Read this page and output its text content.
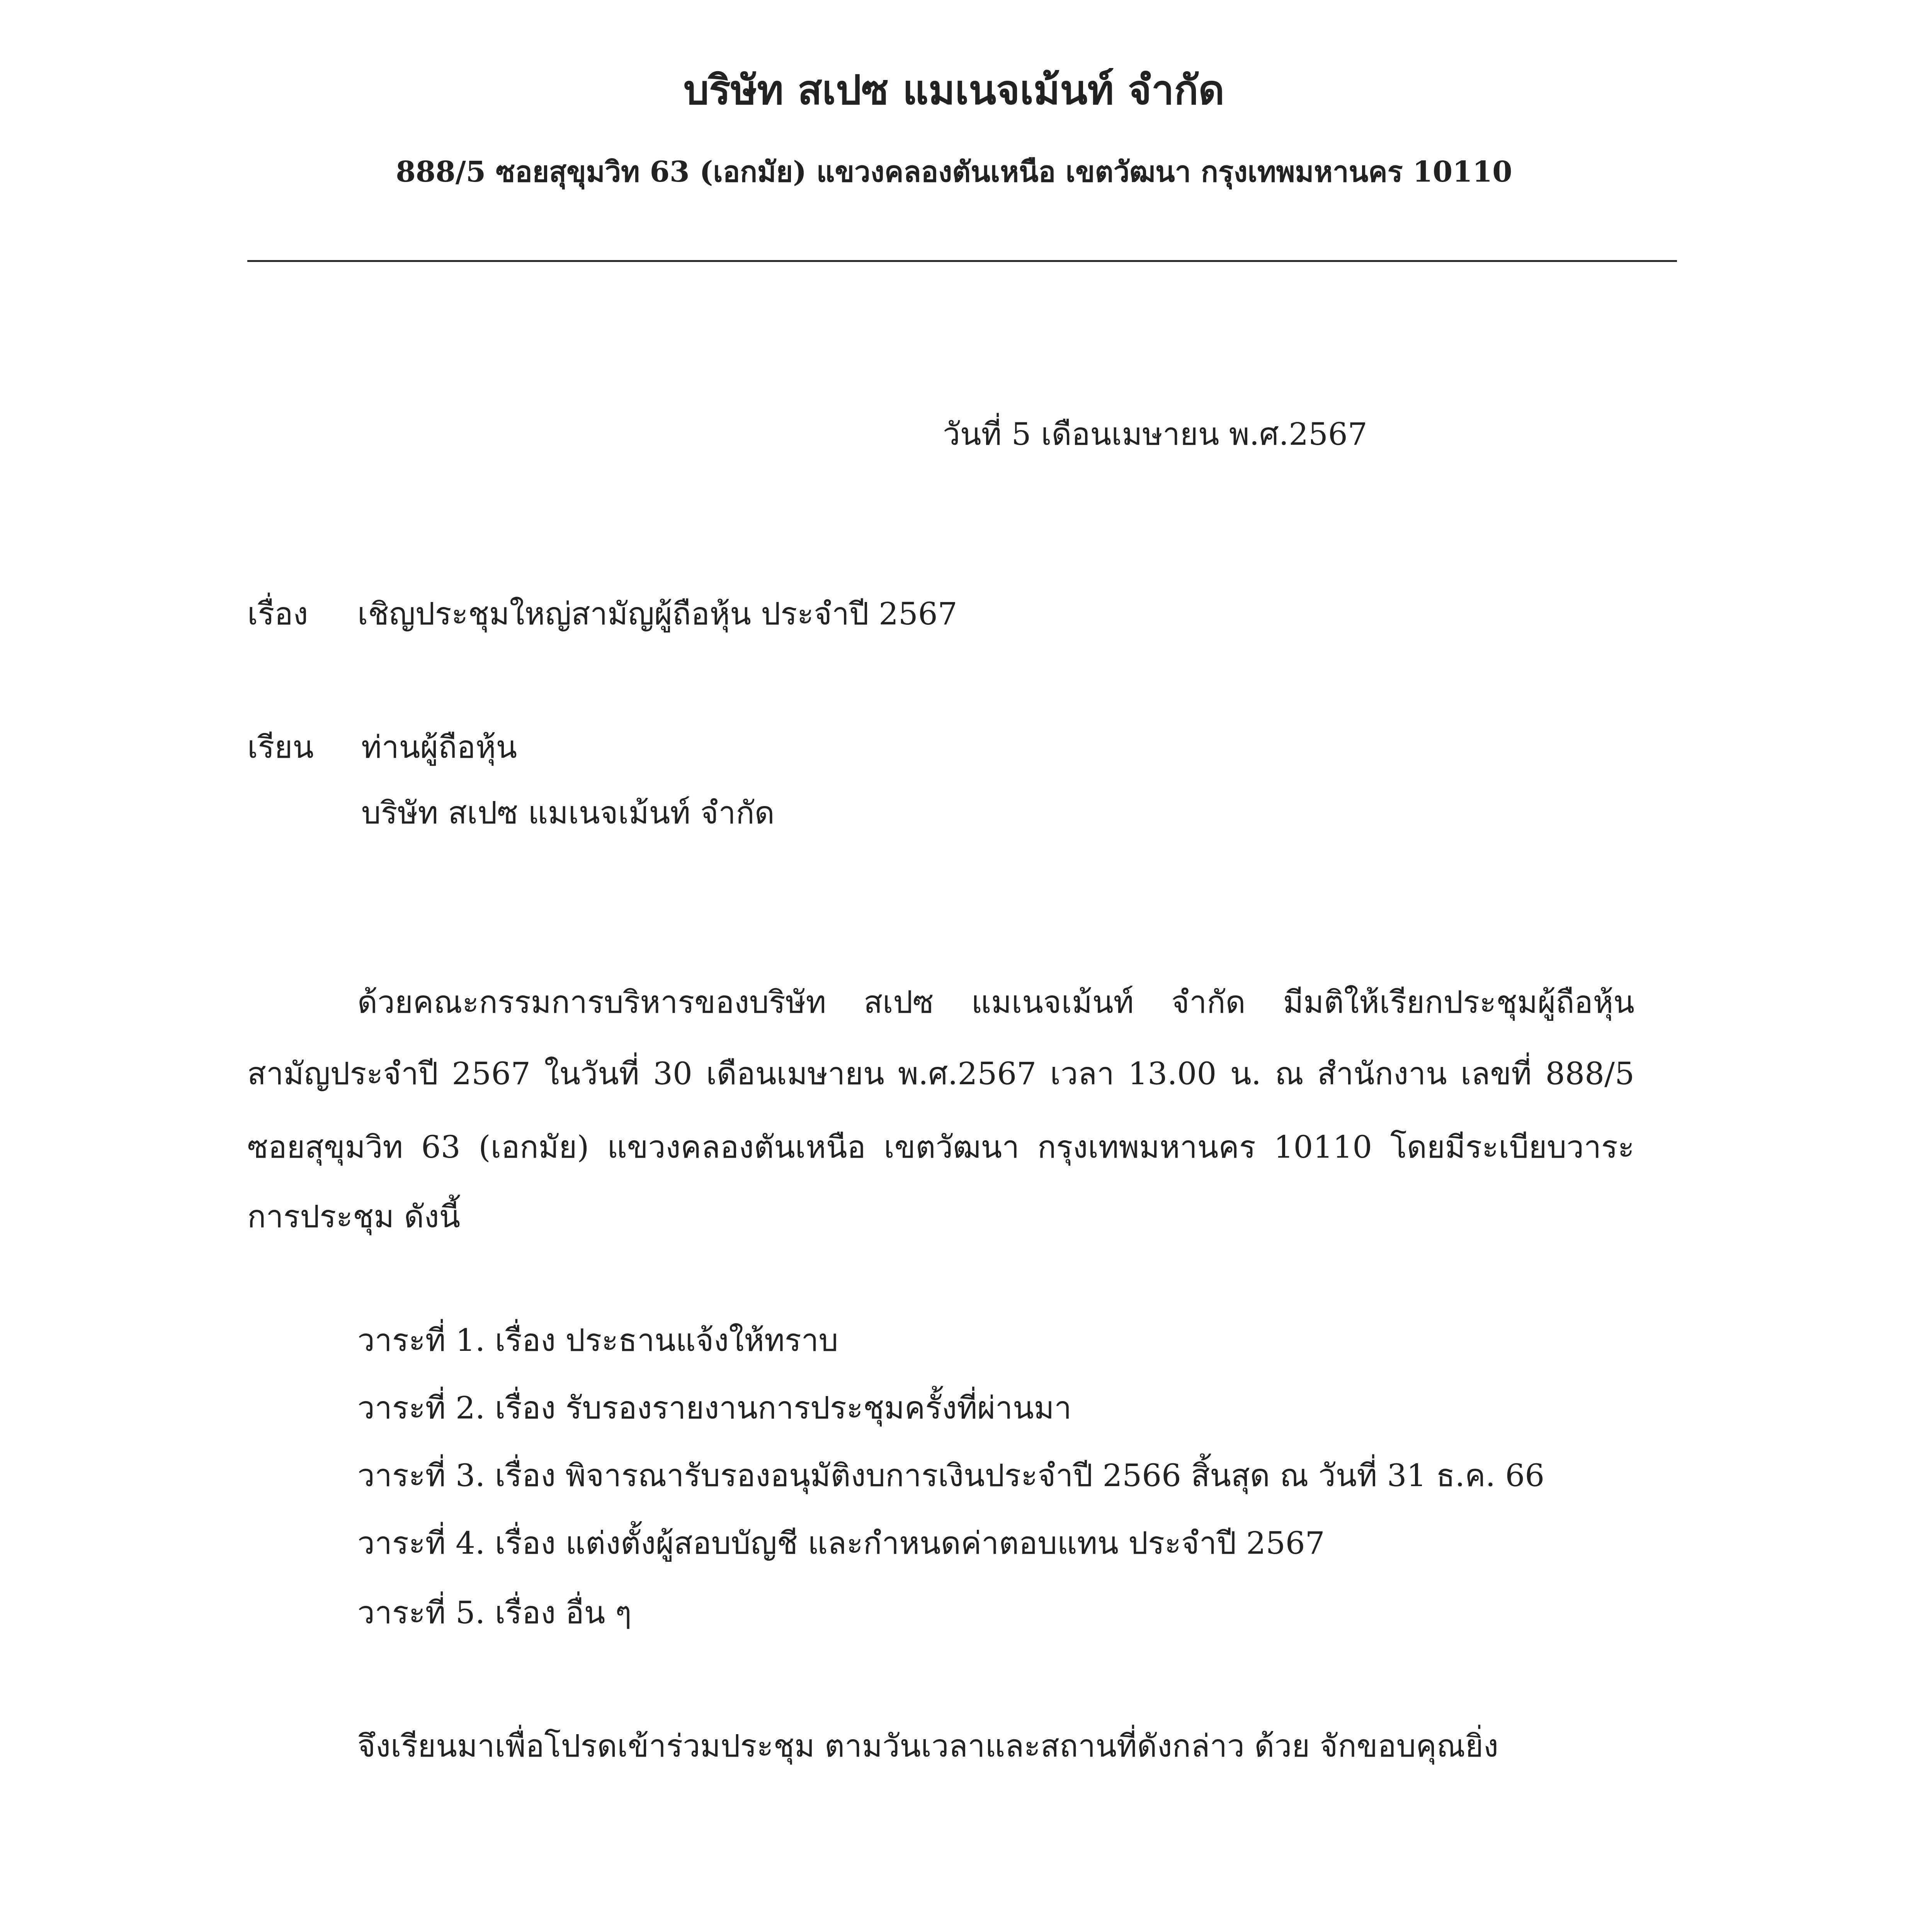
บริษัท สเปซ แมเนจเม้นท์ จำกัด
888/5 ซอยสุขุมวิท 63 (เอกมัย) แขวงคลองตันเหนือ เขตวัฒนา กรุงเทพมหานคร 10110
วันที่ 5 เดือนเมษายน พ.ศ.2567
เรื่อง เชิญประชุมใหญ่สามัญผู้ถือหุ้น ประจำปี 2567
เรียน ท่านผู้ถือหุ้น
บริษัท สเปซ แมเนจเม้นท์ จำกัด
ด้วยคณะกรรมการบริหารของบริษัท สเปซ แมเนจเม้นท์ จำกัด มีมติให้เรียกประชุมผู้ถือหุ้น
สามัญประจำปี 2567 ในวันที่ 30 เดือนเมษายน พ.ศ.2567 เวลา 13.00 น. ณ สำนักงาน เลขที่ 888/5
ซอยสุขุมวิท 63 (เอกมัย) แขวงคลองตันเหนือ เขตวัฒนา กรุงเทพมหานคร 10110 โดยมีระเบียบวาระ
การประชุม ดังนี้
วาระที่ 1. เรื่อง ประธานแจ้งให้ทราบ
วาระที่ 2. เรื่อง รับรองรายงานการประชุมครั้งที่ผ่านมา
วาระที่ 3. เรื่อง พิจารณารับรองอนุมัติงบการเงินประจำปี 2566 สิ้นสุด ณ วันที่ 31 ธ.ค. 66
วาระที่ 4. เรื่อง แต่งตั้งผู้สอบบัญชี และกำหนดค่าตอบแทน ประจำปี 2567
วาระที่ 5. เรื่อง อื่น ๆ
จึงเรียนมาเพื่อโปรดเข้าร่วมประชุม ตามวันเวลาและสถานที่ดังกล่าว ด้วย จักขอบคุณยิ่ง
